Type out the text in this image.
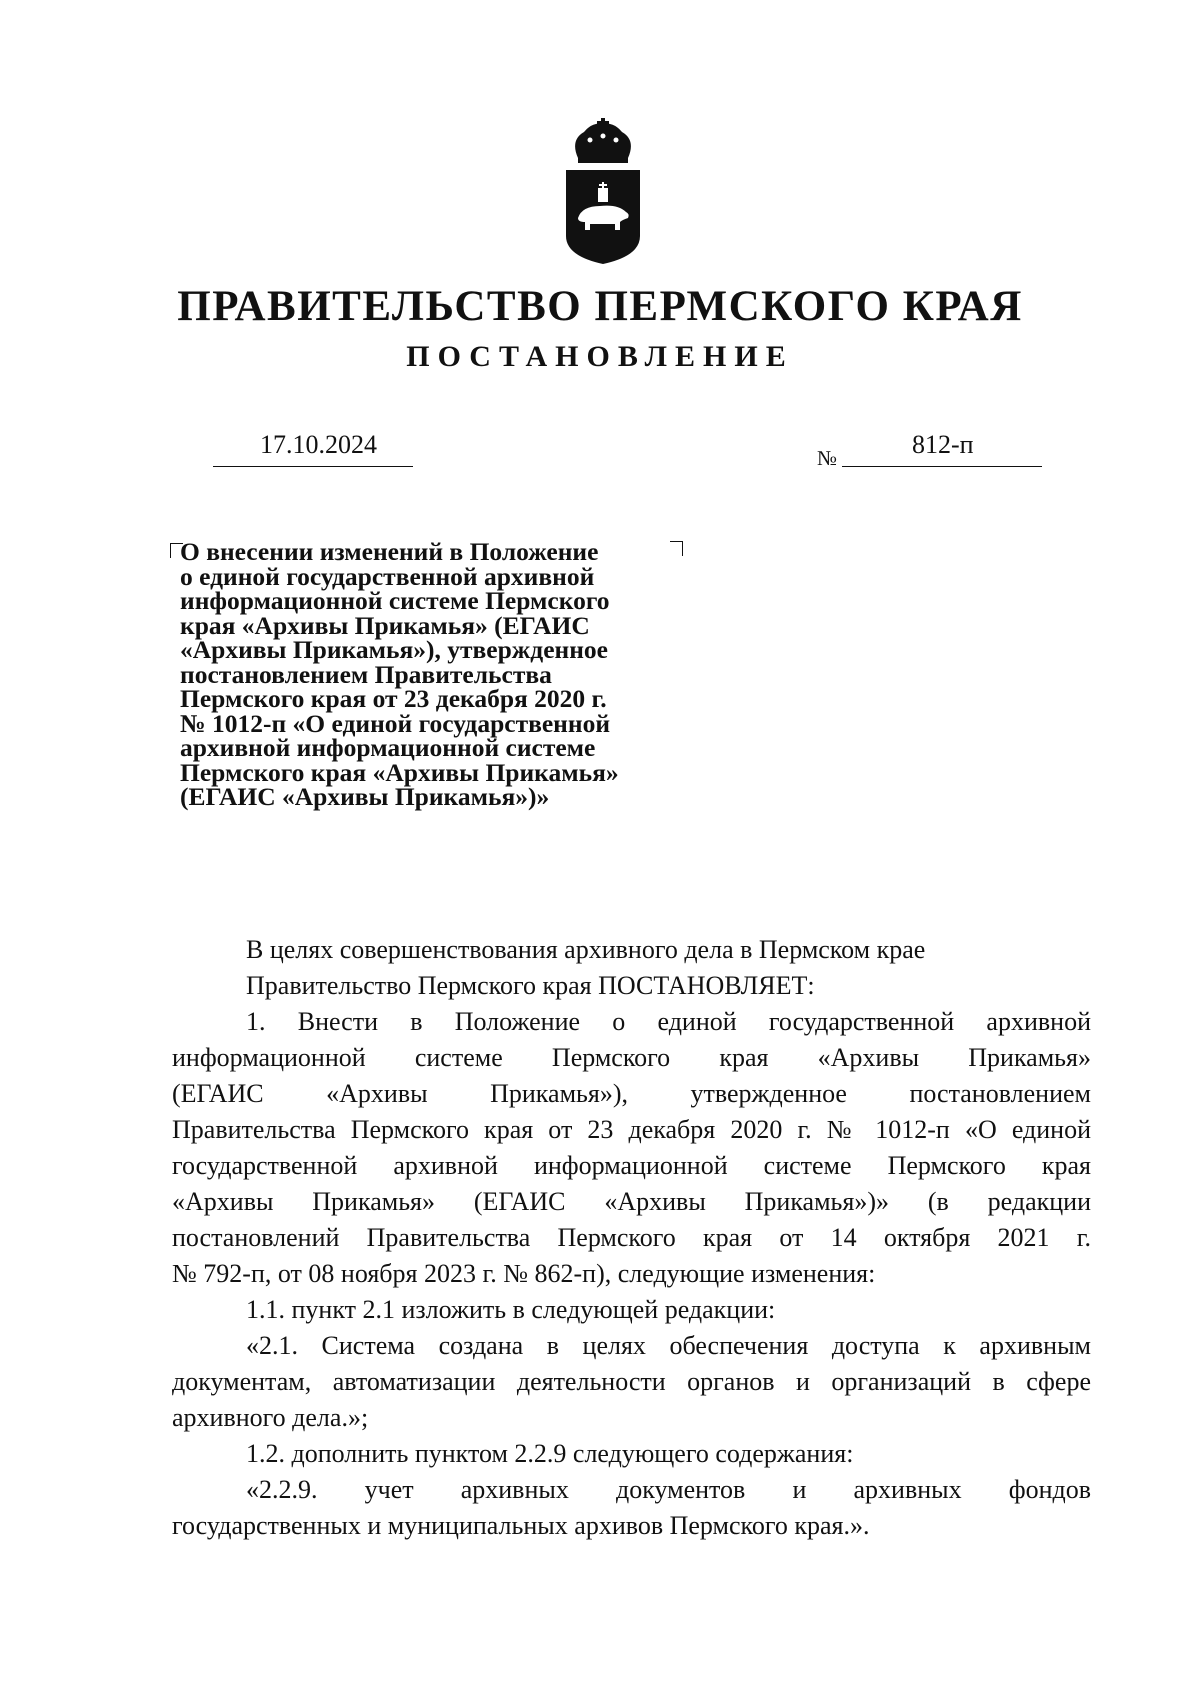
ПРАВИТЕЛЬСТВО ПЕРМСКОГО КРАЯ
ПОСТАНОВЛЕНИЕ
17.10.2024	№	812-п
О внесении изменений в Положение
о единой государственной архивной
информационной системе Пермского
края «Архивы Прикамья» (ЕГАИС
«Архивы Прикамья»), утвержденное
постановлением Правительства
Пермского края от 23 декабря 2020 г.
№ 1012-п «О единой государственной
архивной информационной системе
Пермского края «Архивы Прикамья»
(ЕГАИС «Архивы Прикамья»)»
В целях совершенствования архивного дела в Пермском крае
Правительство Пермского края ПОСТАНОВЛЯЕТ:
1. Внести в Положение о единой государственной архивной
информационной системе Пермского края «Архивы Прикамья»
(ЕГАИС «Архивы Прикамья»), утвержденное постановлением
Правительства Пермского края от 23 декабря 2020 г. № 1012-п «О единой
государственной архивной информационной системе Пермского края
«Архивы Прикамья» (ЕГАИС «Архивы Прикамья»)» (в редакции
постановлений Правительства Пермского края от 14 октября 2021 г.
№ 792-п, от 08 ноября 2023 г. № 862-п), следующие изменения:
1.1. пункт 2.1 изложить в следующей редакции:
«2.1. Система создана в целях обеспечения доступа к архивным
документам, автоматизации деятельности органов и организаций в сфере
архивного дела.»;
1.2. дополнить пунктом 2.2.9 следующего содержания:
«2.2.9. учет архивных документов и архивных фондов
государственных и муниципальных архивов Пермского края.».
